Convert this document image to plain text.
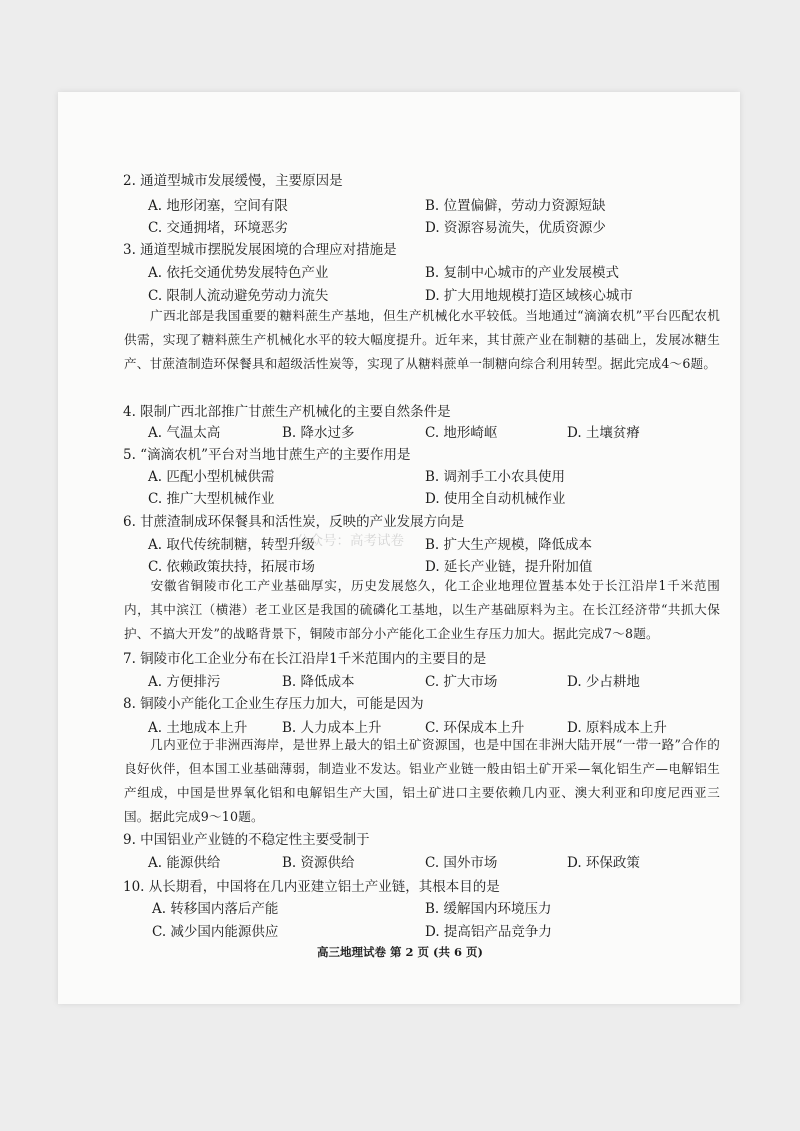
2. 通道型城市发展缓慢，主要原因是
A. 地形闭塞，空间有限	B. 位置偏僻，劳动力资源短缺
C. 交通拥堵，环境恶劣	D. 资源容易流失，优质资源少
3. 通道型城市摆脱发展困境的合理应对措施是
A. 依托交通优势发展特色产业	B. 复制中心城市的产业发展模式
C. 限制人流动避免劳动力流失	D. 扩大用地规模打造区域核心城市
广西北部是我国重要的糖料蔗生产基地，但生产机械化水平较低。当地通过“滴滴农机”平台匹配农机供需，实现了糖料蔗生产机械化水平的较大幅度提升。近年来，其甘蔗产业在制糖的基础上，发展冰糖生产、甘蔗渣制造环保餐具和超级活性炭等，实现了从糖料蔗单一制糖向综合利用转型。据此完成4～6题。
4. 限制广西北部推广甘蔗生产机械化的主要自然条件是
A. 气温太高	B. 降水过多	C. 地形崎岖	D. 土壤贫瘠
5. “滴滴农机”平台对当地甘蔗生产的主要作用是
A. 匹配小型机械供需	B. 调剂手工小农具使用
C. 推广大型机械作业	D. 使用全自动机械作业
6. 甘蔗渣制成环保餐具和活性炭，反映的产业发展方向是
A. 取代传统制糖，转型升级	B. 扩大生产规模，降低成本
C. 依赖政策扶持，拓展市场	D. 延长产业链，提升附加值
公众号：高考试卷
安徽省铜陵市化工产业基础厚实，历史发展悠久，化工企业地理位置基本处于长江沿岸1千米范围内，其中滨江（横港）老工业区是我国的硫磷化工基地，以生产基础原料为主。在长江经济带“共抓大保护、不搞大开发”的战略背景下，铜陵市部分小产能化工企业生存压力加大。据此完成7～8题。
7. 铜陵市化工企业分布在长江沿岸1千米范围内的主要目的是
A. 方便排污	B. 降低成本	C. 扩大市场	D. 少占耕地
8. 铜陵小产能化工企业生存压力加大，可能是因为
A. 土地成本上升	B. 人力成本上升	C. 环保成本上升	D. 原料成本上升
几内亚位于非洲西海岸，是世界上最大的铝土矿资源国，也是中国在非洲大陆开展“一带一路”合作的良好伙伴，但本国工业基础薄弱，制造业不发达。铝业产业链一般由铝土矿开采—氧化铝生产—电解铝生产组成，中国是世界氧化铝和电解铝生产大国，铝土矿进口主要依赖几内亚、澳大利亚和印度尼西亚三国。据此完成9～10题。
9. 中国铝业产业链的不稳定性主要受制于
A. 能源供给	B. 资源供给	C. 国外市场	D. 环保政策
10. 从长期看，中国将在几内亚建立铝土产业链，其根本目的是
A. 转移国内落后产能	B. 缓解国内环境压力
C. 减少国内能源供应	D. 提高铝产品竞争力
高三地理试卷 第 2 页 (共 6 页)
